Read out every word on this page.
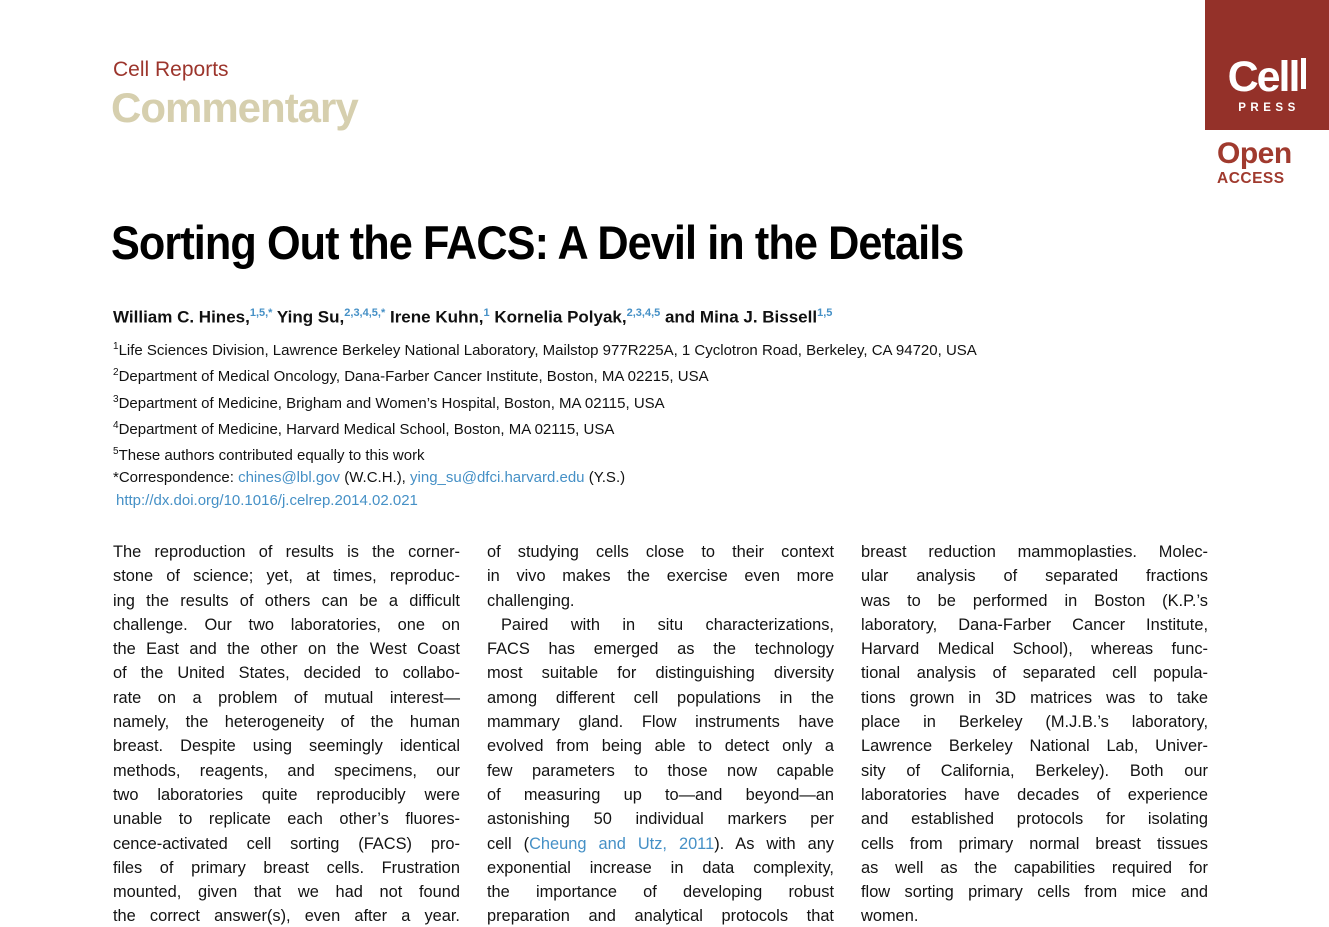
Cell Reports
Commentary
Cell
PRESS
Open
ACCESS
Sorting Out the FACS: A Devil in the Details
William C. Hines,$^{1,5,*}$ Ying Su,$^{2,3,4,5,*}$ Irene Kuhn,$^1$ Kornelia Polyak,$^{2,3,4,5}$ and Mina J. Bissell$^{1,5}$
$^1$Life Sciences Division, Lawrence Berkeley National Laboratory, Mailstop 977R225A, 1 Cyclotron Road, Berkeley, CA 94720, USA
$^2$Department of Medical Oncology, Dana-Farber Cancer Institute, Boston, MA 02215, USA
$^3$Department of Medicine, Brigham and Women’s Hospital, Boston, MA 02115, USA
$^4$Department of Medicine, Harvard Medical School, Boston, MA 02115, USA
$^5$These authors contributed equally to this work
*Correspondence: chines@lbl.gov (W.C.H.), ying_su@dfci.harvard.edu (Y.S.)
http://dx.doi.org/10.1016/j.celrep.2014.02.021
The reproduction of results is the corner-
stone of science; yet, at times, reproduc-
ing the results of others can be a difficult
challenge. Our two laboratories, one on
the East and the other on the West Coast
of the United States, decided to collabo-
rate on a problem of mutual interest—
namely, the heterogeneity of the human
breast. Despite using seemingly identical
methods, reagents, and specimens, our
two laboratories quite reproducibly were
unable to replicate each other’s fluores-
cence-activated cell sorting (FACS) pro-
files of primary breast cells. Frustration
mounted, given that we had not found
the correct answer(s), even after a year.
of studying cells close to their context
in vivo makes the exercise even more
challenging.
Paired with in situ characterizations,
FACS has emerged as the technology
most suitable for distinguishing diversity
among different cell populations in the
mammary gland. Flow instruments have
evolved from being able to detect only a
few parameters to those now capable
of measuring up to—and beyond—an
astonishing 50 individual markers per
cell (Cheung and Utz, 2011). As with any
exponential increase in data complexity,
the importance of developing robust
preparation and analytical protocols that
breast reduction mammoplasties. Molec-
ular analysis of separated fractions
was to be performed in Boston (K.P.’s
laboratory, Dana-Farber Cancer Institute,
Harvard Medical School), whereas func-
tional analysis of separated cell popula-
tions grown in 3D matrices was to take
place in Berkeley (M.J.B.’s laboratory,
Lawrence Berkeley National Lab, Univer-
sity of California, Berkeley). Both our
laboratories have decades of experience
and established protocols for isolating
cells from primary normal breast tissues
as well as the capabilities required for
flow sorting primary cells from mice and
women.
